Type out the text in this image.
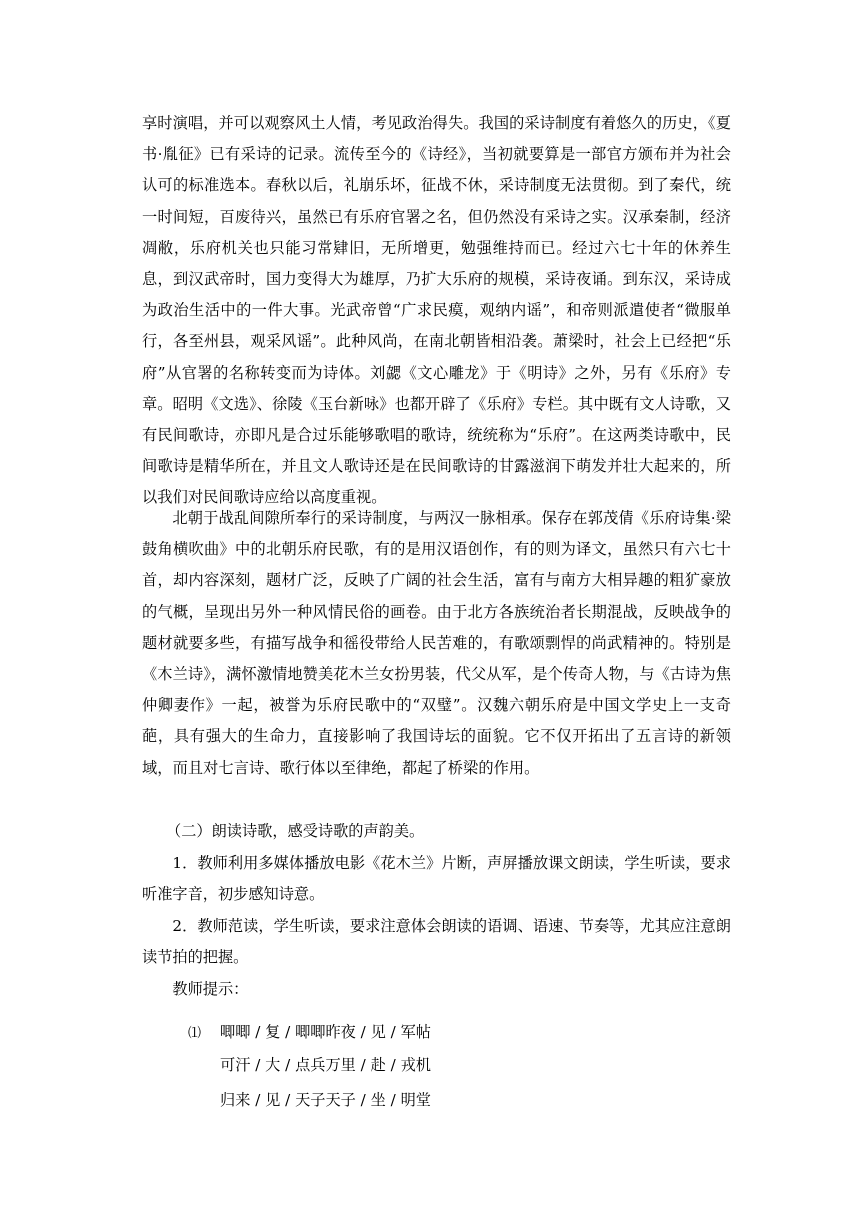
享时演唱，并可以观察风土人情，考见政治得失。我国的采诗制度有着悠久的历史，《夏书·胤征》已有采诗的记录。流传至今的《诗经》，当初就要算是一部官方颁布并为社会认可的标准选本。春秋以后，礼崩乐坏，征战不休，采诗制度无法贯彻。到了秦代，统一时间短，百废待兴，虽然已有乐府官署之名，但仍然没有采诗之实。汉承秦制，经济凋敝，乐府机关也只能习常肄旧，无所增更，勉强维持而已。经过六七十年的休养生息，到汉武帝时，国力变得大为雄厚，乃扩大乐府的规模，采诗夜诵。到东汉，采诗成为政治生活中的一件大事。光武帝曾“广求民瘼，观纳内谣”，和帝则派遣使者“微服单行，各至州县，观采风谣”。此种风尚，在南北朝皆相沿袭。萧梁时，社会上已经把“乐府”从官署的名称转变而为诗体。刘勰《文心雕龙》于《明诗》之外，另有《乐府》专章。昭明《文选》、徐陵《玉台新咏》也都开辟了《乐府》专栏。其中既有文人诗歌，又有民间歌诗，亦即凡是合过乐能够歌唱的歌诗，统统称为“乐府”。在这两类诗歌中，民间歌诗是精华所在，并且文人歌诗还是在民间歌诗的甘露滋润下萌发并壮大起来的，所以我们对民间歌诗应给以高度重视。

北朝于战乱间隙所奉行的采诗制度，与两汉一脉相承。保存在郭茂倩《乐府诗集·梁鼓角横吹曲》中的北朝乐府民歌，有的是用汉语创作，有的则为译文，虽然只有六七十首，却内容深刻，题材广泛，反映了广阔的社会生活，富有与南方大相异趣的粗犷豪放的气概，呈现出另外一种风情民俗的画卷。由于北方各族统治者长期混战，反映战争的题材就要多些，有描写战争和徭役带给人民苦难的，有歌颂剽悍的尚武精神的。特别是《木兰诗》，满怀激情地赞美花木兰女扮男装，代父从军，是个传奇人物，与《古诗为焦仲卿妻作》一起，被誉为乐府民歌中的“双璧”。汉魏六朝乐府是中国文学史上一支奇葩，具有强大的生命力，直接影响了我国诗坛的面貌。它不仅开拓出了五言诗的新领域，而且对七言诗、歌行体以至律绝，都起了桥梁的作用。

（二）朗读诗歌，感受诗歌的声韵美。
1．教师利用多媒体播放电影《花木兰》片断，声屏播放课文朗读，学生听读，要求听准字音，初步感知诗意。
2．教师范读，学生听读，要求注意体会朗读的语调、语速、节奏等，尤其应注意朗读节拍的把握。
教师提示：
⑴ 唧唧 / 复 / 唧唧昨夜 / 见 / 军帖
可汗 / 大 / 点兵万里 / 赴 / 戎机
归来 / 见 / 天子天子 / 坐 / 明堂
